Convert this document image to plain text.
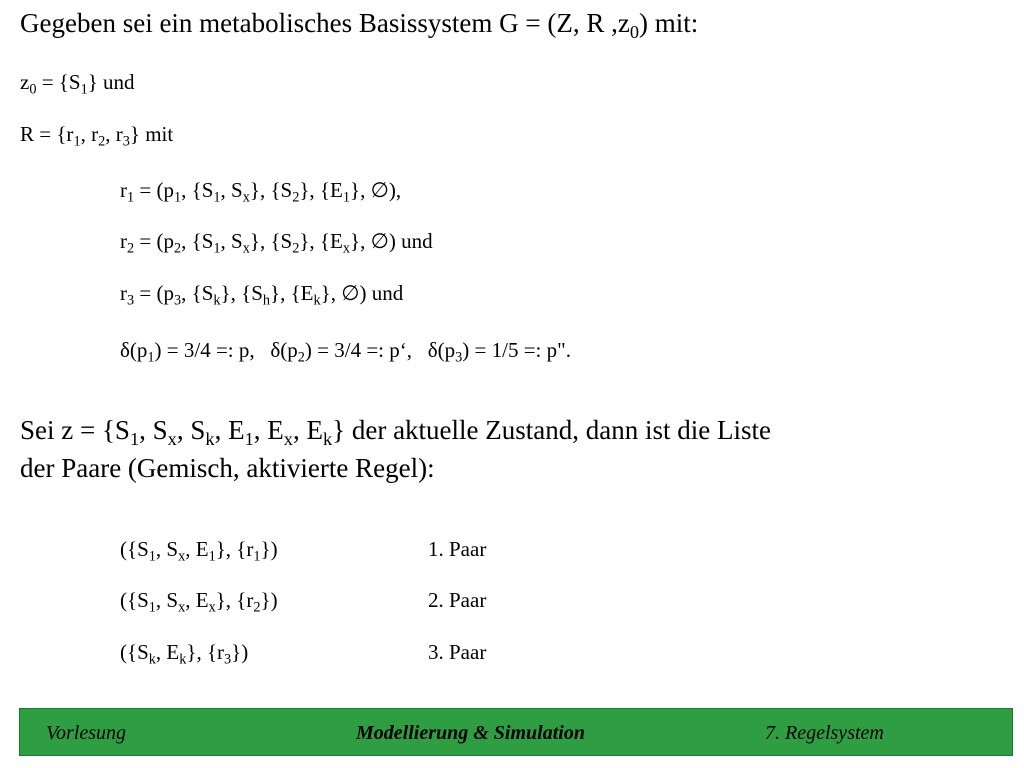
Gegeben sei ein metabolisches Basissystem G = (Z, R $,z_0$) mit:
$z_0 = \{S_1\}$ und
$R = \{r_1$, $r_2$, $r_3$} mit
$r_1 = (p_1$, {$S_1$, $S_x$}, $\{S_2\}$, $\{E_1\}$, ∅),
$r_2 = (p_2$, {$S_1$, $S_x$}, $\{S_2\}$, $\{E_x\}$, ∅) und
$r_3 = (p_3$, $\{S_k\}$, $\{S_h\}$, $\{E_k\}$, ∅) und
$\delta(p_1) = 3/4$ =: p,   $\delta(p_2) = 3/4$ =: p‘,   $\delta(p_3) = 1/5$ =: p".
Sei $z = \{S_1$, $S_x$, $S_k$, $E_1$, $E_x$, $E_k$} der aktuelle Zustand, dann ist die Liste
der Paare (Gemisch, aktivierte Regel):
({$S_1$, $S_x$, $E_1$}, $\{r_1\}$)	1. Paar
({$S_1$, $S_x$, $E_x$}, $\{r_2\}$)	2. Paar
({$S_k$, $E_k$}, $\{r_3\}$)	3. Paar
Vorlesung	Modellierung & Simulation	7. Regelsystem
